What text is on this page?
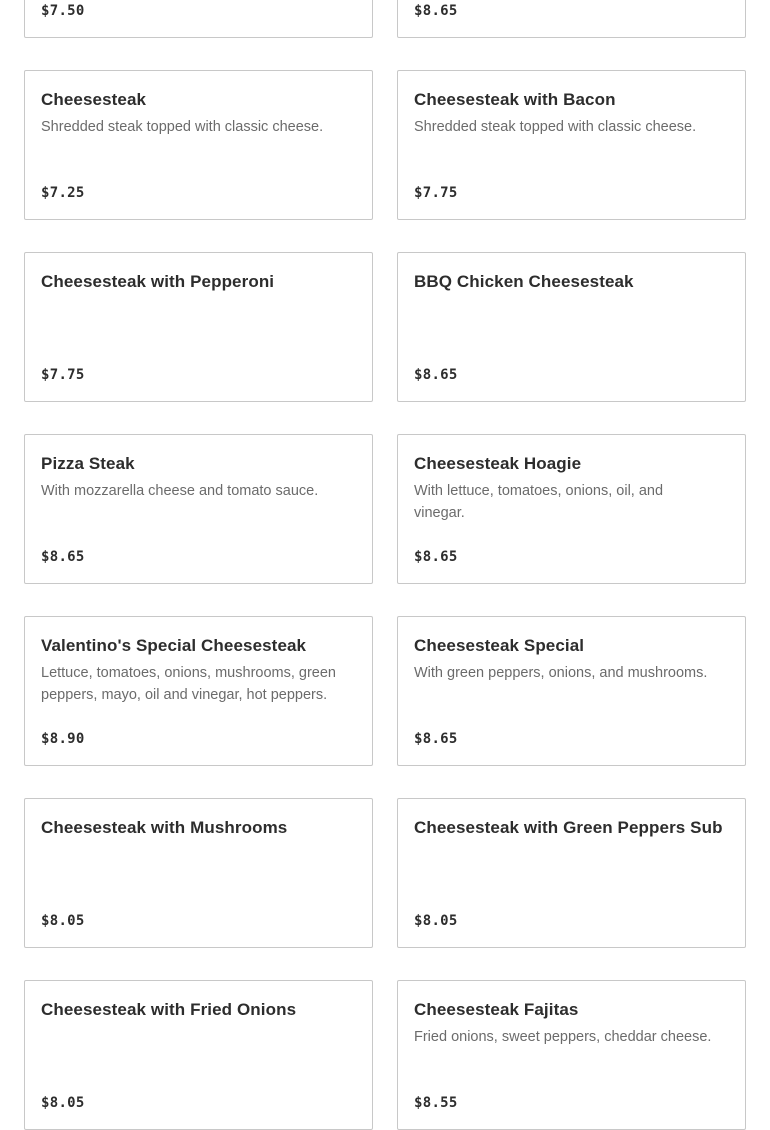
$7.50	$8.65
Cheesesteak
Shredded steak topped with classic cheese.
$7.25
Cheesesteak with Bacon
Shredded steak topped with classic cheese.
$7.75
Cheesesteak with Pepperoni
$7.75
BBQ Chicken Cheesesteak
$8.65
Pizza Steak
With mozzarella cheese and tomato sauce.
$8.65
Cheesesteak Hoagie
With lettuce, tomatoes, onions, oil, and vinegar.
$8.65
Valentino's Special Cheesesteak
Lettuce, tomatoes, onions, mushrooms, green peppers, mayo, oil and vinegar, hot peppers.
$8.90
Cheesesteak Special
With green peppers, onions, and mushrooms.
$8.65
Cheesesteak with Mushrooms
$8.05
Cheesesteak with Green Peppers Sub
$8.05
Cheesesteak with Fried Onions
$8.05
Cheesesteak Fajitas
Fried onions, sweet peppers, cheddar cheese.
$8.55
